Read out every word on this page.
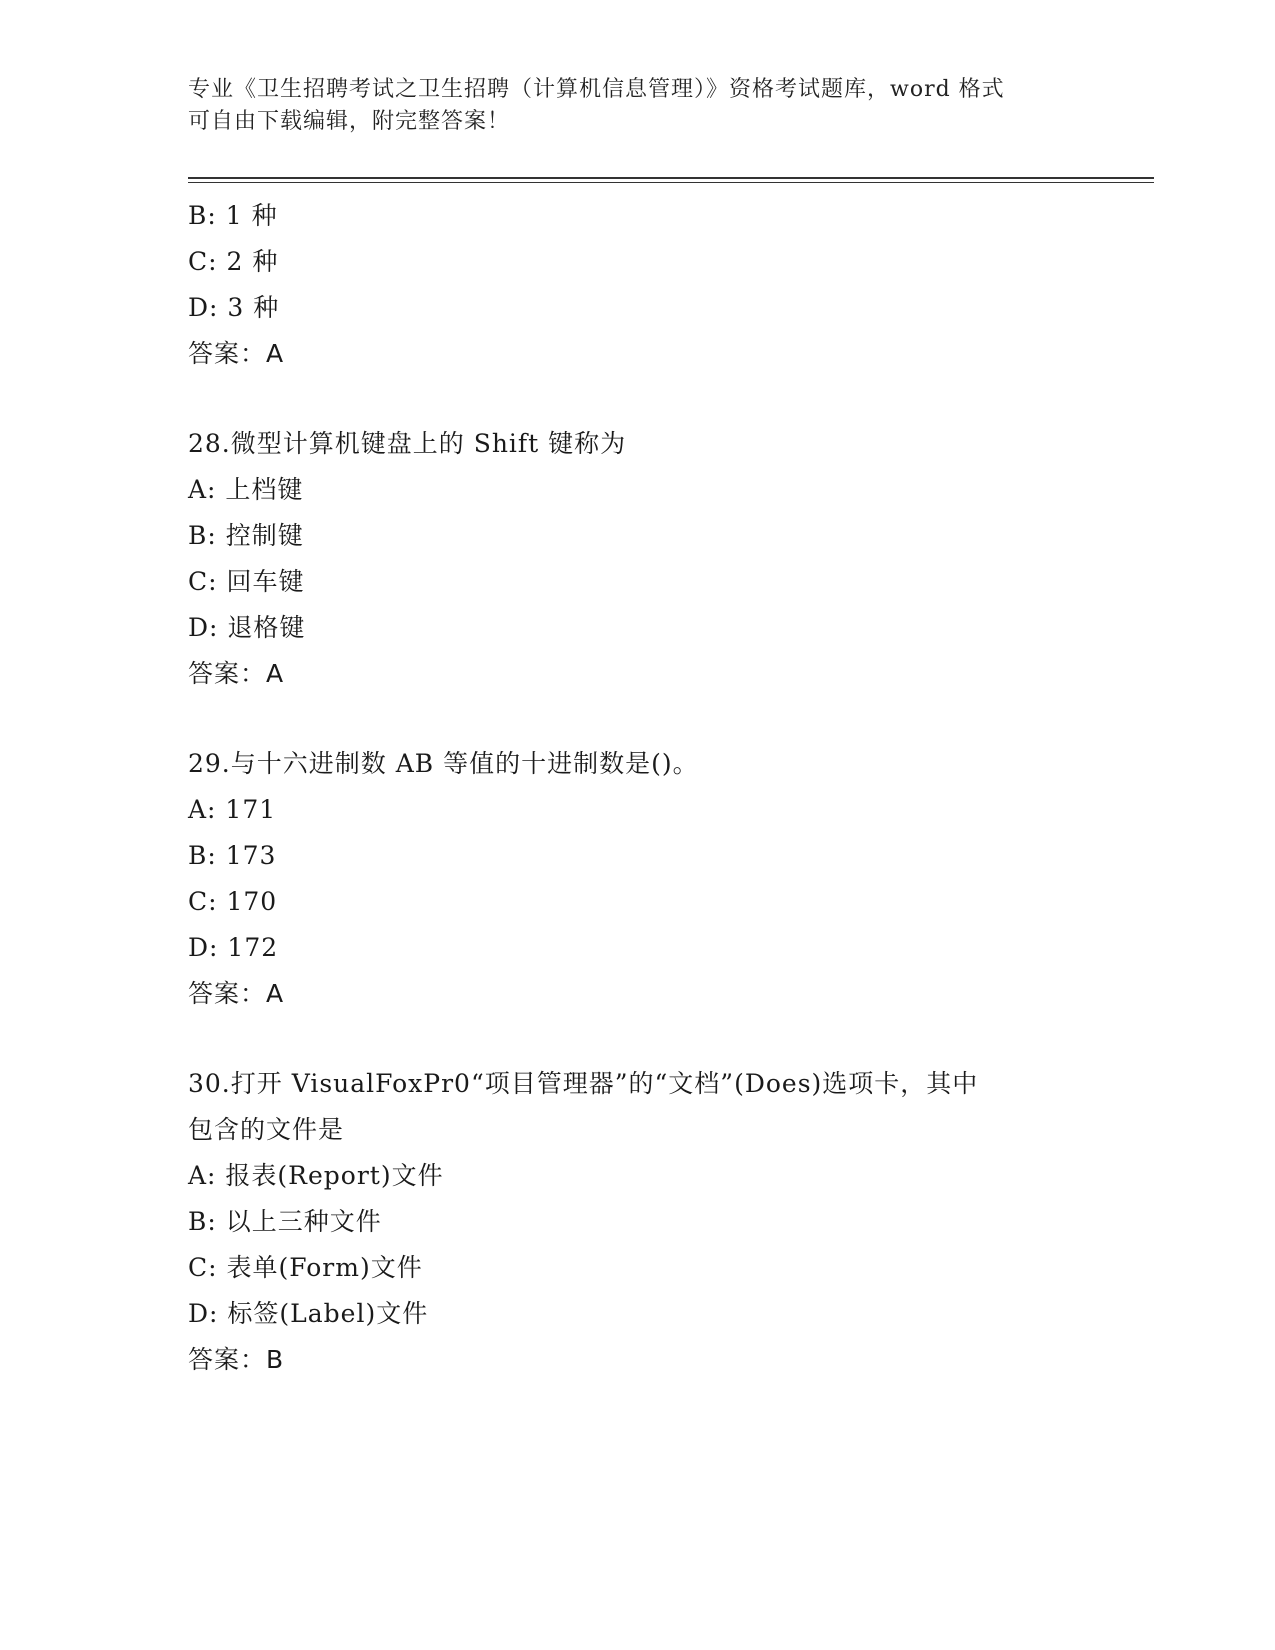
专业《卫生招聘考试之卫生招聘（计算机信息管理）》资格考试题库，word 格式
可自由下载编辑，附完整答案！
B: 1 种
C: 2 种
D: 3 种
答案：A
28.微型计算机键盘上的 Shift 键称为
A: 上档键
B: 控制键
C: 回车键
D: 退格键
答案：A
29.与十六进制数 AB 等值的十进制数是()。
A: 171
B: 173
C: 170
D: 172
答案：A
30.打开 VisualFoxPr0“项目管理器”的“文档”(Does)选项卡，其中
包含的文件是
A: 报表(Report)文件
B: 以上三种文件
C: 表单(Form)文件
D: 标签(Label)文件
答案：B
